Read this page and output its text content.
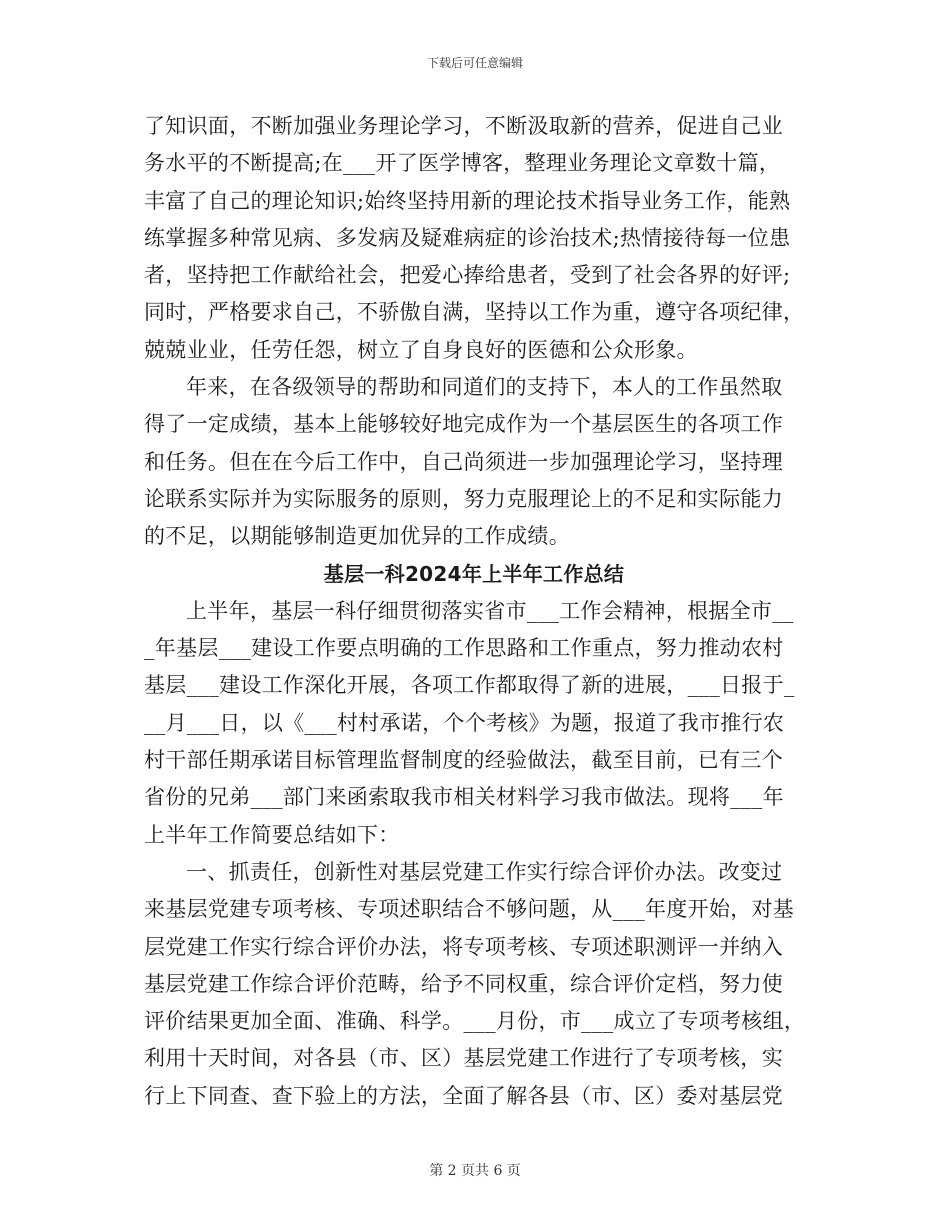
下载后可任意编辑
了知识面，不断加强业务理论学习，不断汲取新的营养，促进自己业
务水平的不断提高;在___开了医学博客，整理业务理论文章数十篇，
丰富了自己的理论知识;始终坚持用新的理论技术指导业务工作，能熟
练掌握多种常见病、多发病及疑难病症的诊治技术;热情接待每一位患
者，坚持把工作献给社会，把爱心捧给患者，受到了社会各界的好评;
同时，严格要求自己，不骄傲自满，坚持以工作为重，遵守各项纪律，
兢兢业业，任劳任怨，树立了自身良好的医德和公众形象。
年来，在各级领导的帮助和同道们的支持下，本人的工作虽然取
得了一定成绩，基本上能够较好地完成作为一个基层医生的各项工作
和任务。但在在今后工作中，自己尚须进一步加强理论学习，坚持理
论联系实际并为实际服务的原则，努力克服理论上的不足和实际能力
的不足，以期能够制造更加优异的工作成绩。
基层一科2024年上半年工作总结
上半年，基层一科仔细贯彻落实省市___工作会精神，根据全市__
_年基层___建设工作要点明确的工作思路和工作重点，努力推动农村
基层___建设工作深化开展，各项工作都取得了新的进展，___日报于_
__月___日，以《___村村承诺，个个考核》为题，报道了我市推行农
村干部任期承诺目标管理监督制度的经验做法，截至目前，已有三个
省份的兄弟___部门来函索取我市相关材料学习我市做法。现将___年
上半年工作简要总结如下：
一、抓责任，创新性对基层党建工作实行综合评价办法。改变过
来基层党建专项考核、专项述职结合不够问题，从___年度开始，对基
层党建工作实行综合评价办法，将专项考核、专项述职测评一并纳入
基层党建工作综合评价范畴，给予不同权重，综合评价定档，努力使
评价结果更加全面、准确、科学。___月份，市___成立了专项考核组，
利用十天时间，对各县（市、区）基层党建工作进行了专项考核，实
行上下同查、查下验上的方法，全面了解各县（市、区）委对基层党
第 2 页共 6 页
